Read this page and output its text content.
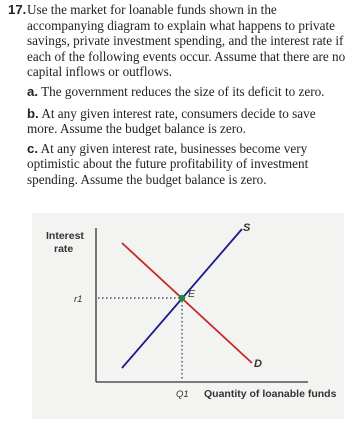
17. Use the market for loanable funds shown in the accompanying diagram to explain what happens to private savings, private investment spending, and the interest rate if each of the following events occur. Assume that there are no capital inflows or outflows.
a. The government reduces the size of its deficit to zero.
b. At any given interest rate, consumers decide to save more. Assume the budget balance is zero.
c. At any given interest rate, businesses become very optimistic about the future profitability of investment spending. Assume the budget balance is zero.
Interest
rate
S
D
E
r1
Q1 Quantity of loanable funds
